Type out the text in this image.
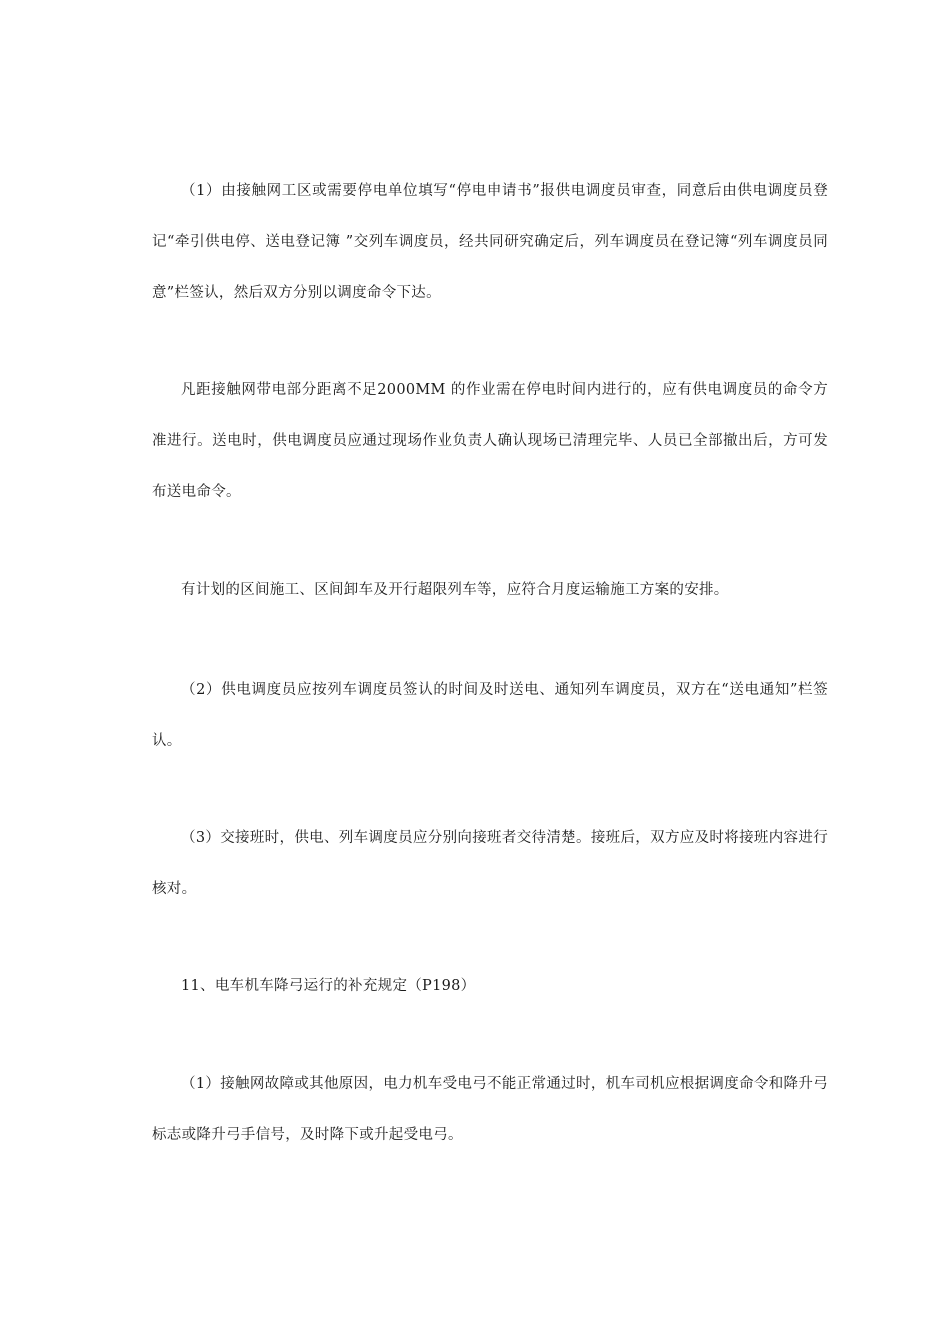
（1）由接触网工区或需要停电单位填写“停电申请书”报供电调度员审查，同意后由供电调度员登记“牵引供电停、送电登记簿 ”交列车调度员，经共同研究确定后，列车调度员在登记簿“列车调度员同意”栏签认，然后双方分别以调度命令下达。

凡距接触网带电部分距离不足2000MM 的作业需在停电时间内进行的，应有供电调度员的命令方准进行。送电时，供电调度员应通过现场作业负责人确认现场已清理完毕、人员已全部撤出后，方可发布送电命令。

有计划的区间施工、区间卸车及开行超限列车等，应符合月度运输施工方案的安排。

（2）供电调度员应按列车调度员签认的时间及时送电、通知列车调度员，双方在“送电通知”栏签认。

（3）交接班时，供电、列车调度员应分别向接班者交待清楚。接班后，双方应及时将接班内容进行核对。

11、电车机车降弓运行的补充规定（P198）

（1）接触网故障或其他原因，电力机车受电弓不能正常通过时，机车司机应根据调度命令和降升弓标志或降升弓手信号，及时降下或升起受电弓。
